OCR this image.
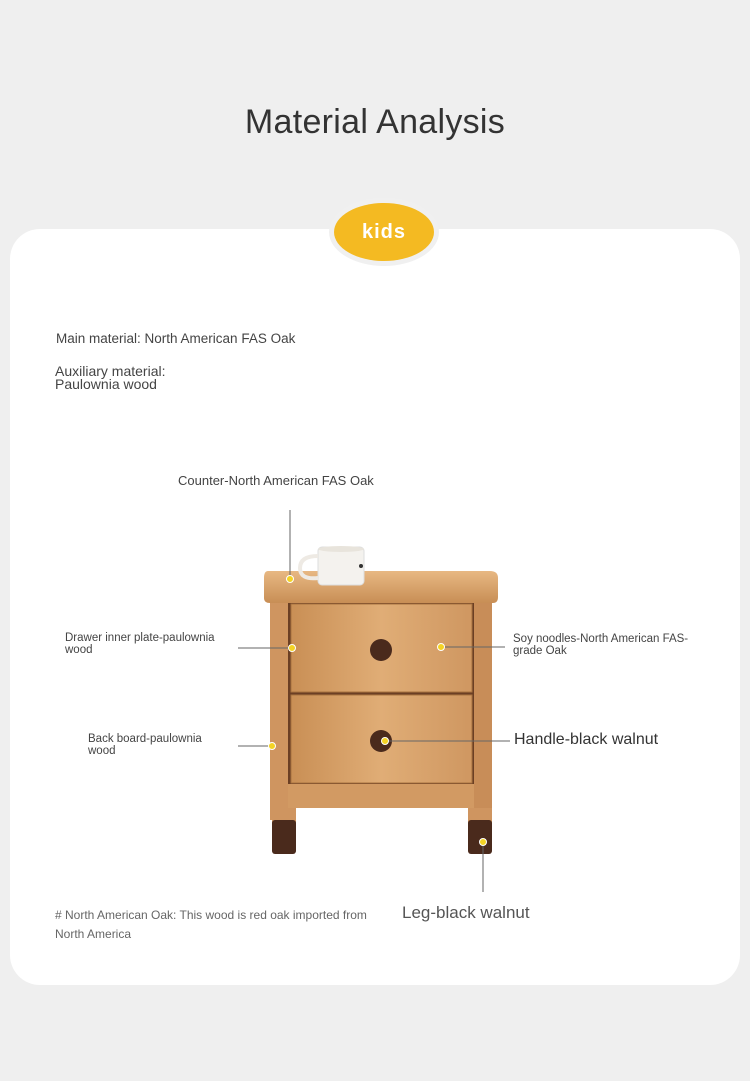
Material Analysis
kids
Main material: North American FAS Oak
Auxiliary material: Paulownia wood
Counter-North American FAS Oak
Drawer inner plate-paulownia wood
Back board-paulownia wood
Soy noodles-North American FAS-grade Oak
Handle-black walnut
Leg-black walnut
# North American Oak: This wood is red oak imported from North America
